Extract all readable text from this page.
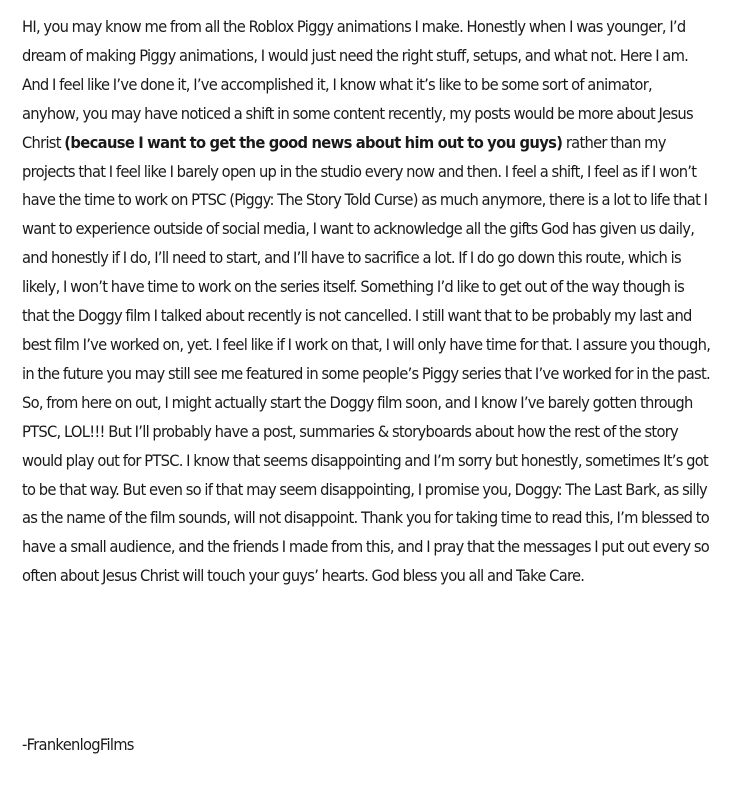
HI, you may know me from all the Roblox Piggy animations I make. Honestly when I was younger, I’d dream of making Piggy animations, I would just need the right stuff, setups, and what not. Here I am. And I feel like I’ve done it, I’ve accomplished it, I know what it’s like to be some sort of animator, anyhow, you may have noticed a shift in some content recently, my posts would be more about Jesus Christ (because I want to get the good news about him out to you guys) rather than my projects that I feel like I barely open up in the studio every now and then. I feel a shift, I feel as if I won’t have the time to work on PTSC (Piggy: The Story Told Curse) as much anymore, there is a lot to life that I want to experience outside of social media, I want to acknowledge all the gifts God has given us daily, and honestly if I do, I’ll need to start, and I’ll have to sacrifice a lot. If I do go down this route, which is likely, I won’t have time to work on the series itself. Something I’d like to get out of the way though is that the Doggy film I talked about recently is not cancelled. I still want that to be probably my last and best film I’ve worked on, yet. I feel like if I work on that, I will only have time for that. I assure you though, in the future you may still see me featured in some people’s Piggy series that I’ve worked for in the past. So, from here on out, I might actually start the Doggy film soon, and I know I’ve barely gotten through PTSC, LOL!!! But I’ll probably have a post, summaries & storyboards about how the rest of the story would play out for PTSC. I know that seems disappointing and I’m sorry but honestly, sometimes It’s got to be that way. But even so if that may seem disappointing, I promise you, Doggy: The Last Bark, as silly as the name of the film sounds, will not disappoint. Thank you for taking time to read this, I’m blessed to have a small audience, and the friends I made from this, and I pray that the messages I put out every so often about Jesus Christ will touch your guys’ hearts. God bless you all and Take Care.

-FrankenlogFilms
